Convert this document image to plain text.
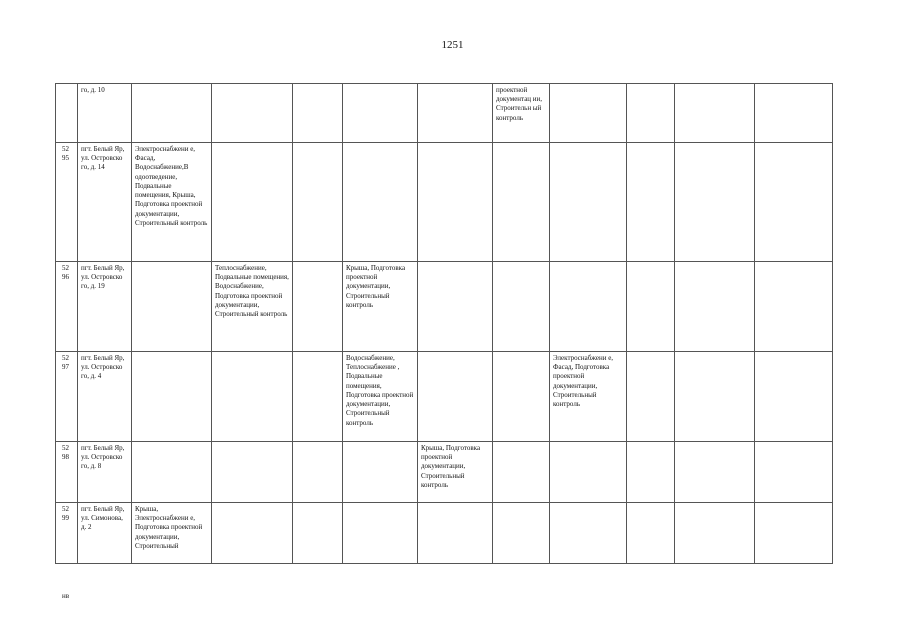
1251
	го, д. 10						проектной документац ии, Строительн ый контроль				
52 95	пгт. Белый Яр, ул. Островско го, д. 14	Электроснабжени е, Фасад, Водоснабжение,В одоотведение, Подвальные помещения, Крыша, Подготовка проектной документации, Строительный контроль									
52 96	пгт. Белый Яр, ул. Островско го, д. 19		Теплоснабжение, Подвальные помещения, Водоснабжение, Подготовка проектной документации, Строительный контроль		Крыша, Подготовка проектной документации, Строительный контроль						
52 97	пгт. Белый Яр, ул. Островско го, д. 4				Водоснабжение, Теплоснабжение , Подвальные помещения, Подготовка проектной документации, Строительный контроль			Электроснабжени е, Фасад, Подготовка проектной документации, Строительный контроль			
52 98	пгт. Белый Яр, ул. Островско го, д. 8					Крыша, Подготовка проектной документации, Строительный контроль					
52 99	пгт. Белый Яр, ул. Симонова, д. 2	Крыша, Электроснабжени е, Подготовка проектной документации, Строительный									
нв
